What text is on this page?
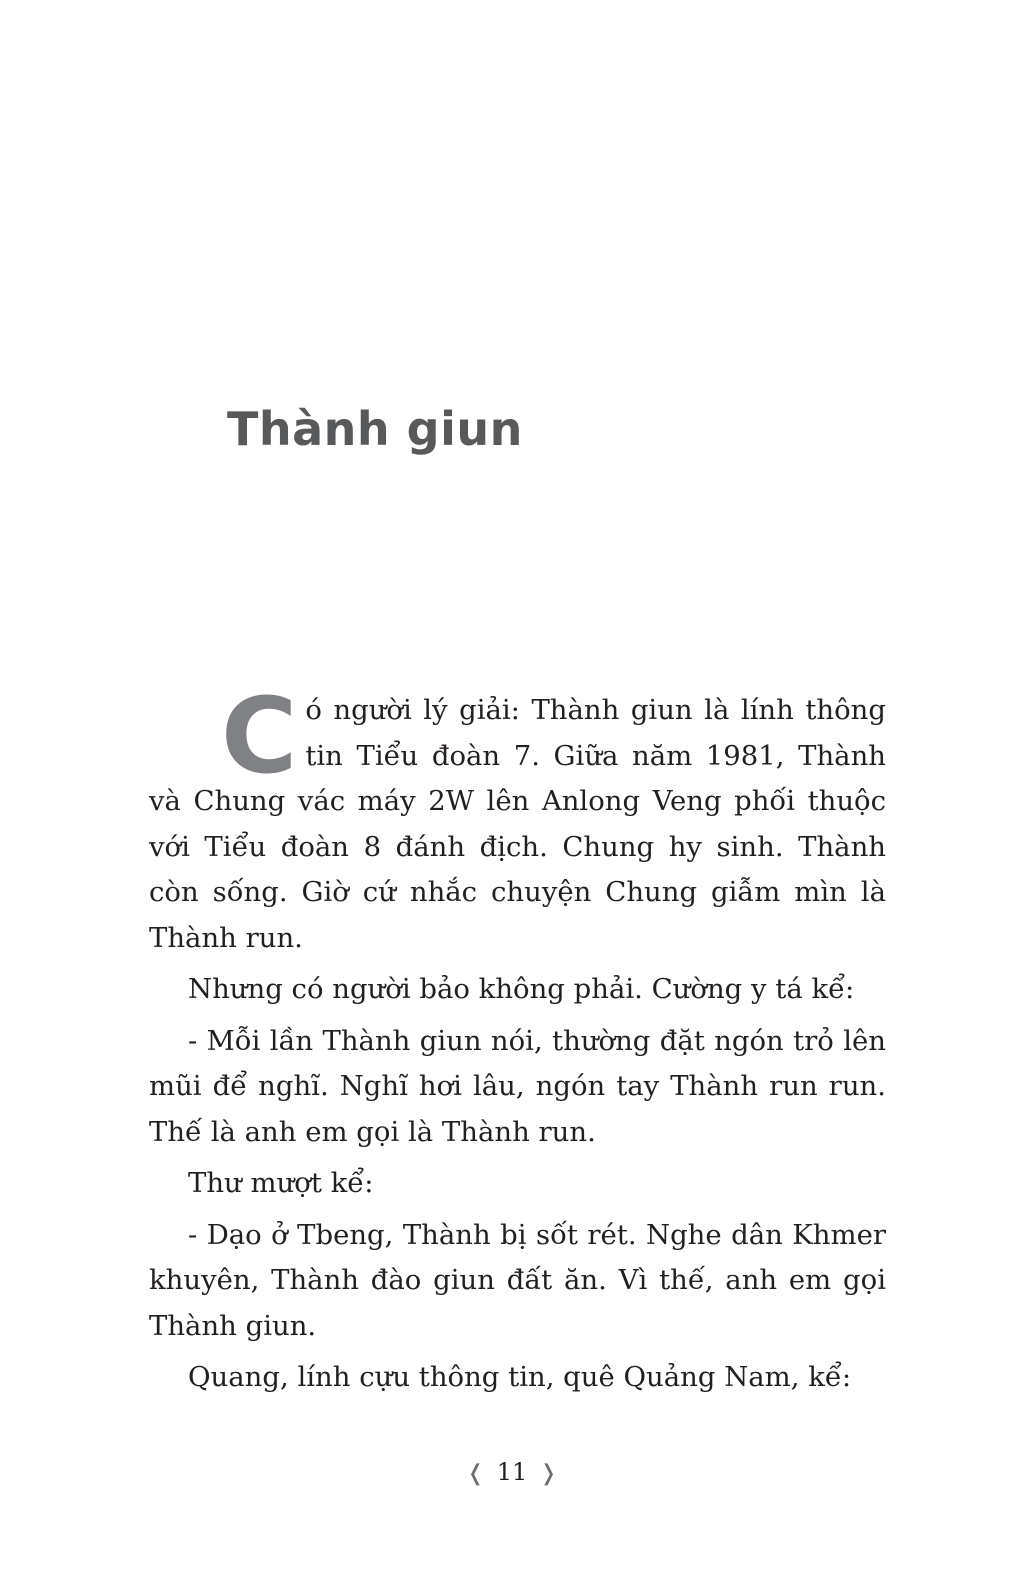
Thành giun

Có người lý giải: Thành giun là lính thông tin Tiểu đoàn 7. Giữa năm 1981, Thành và Chung vác máy 2W lên Anlong Veng phối thuộc với Tiểu đoàn 8 đánh địch. Chung hy sinh. Thành còn sống. Giờ cứ nhắc chuyện Chung giẫm mìn là Thành run.

Nhưng có người bảo không phải. Cường y tá kể:

- Mỗi lần Thành giun nói, thường đặt ngón trỏ lên mũi để nghĩ. Nghĩ hơi lâu, ngón tay Thành run run. Thế là anh em gọi là Thành run.

Thư mượt kể:

- Dạo ở Tbeng, Thành bị sốt rét. Nghe dân Khmer khuyên, Thành đào giun đất ăn. Vì thế, anh em gọi Thành giun.

Quang, lính cựu thông tin, quê Quảng Nam, kể:

❬ 11 ❭
